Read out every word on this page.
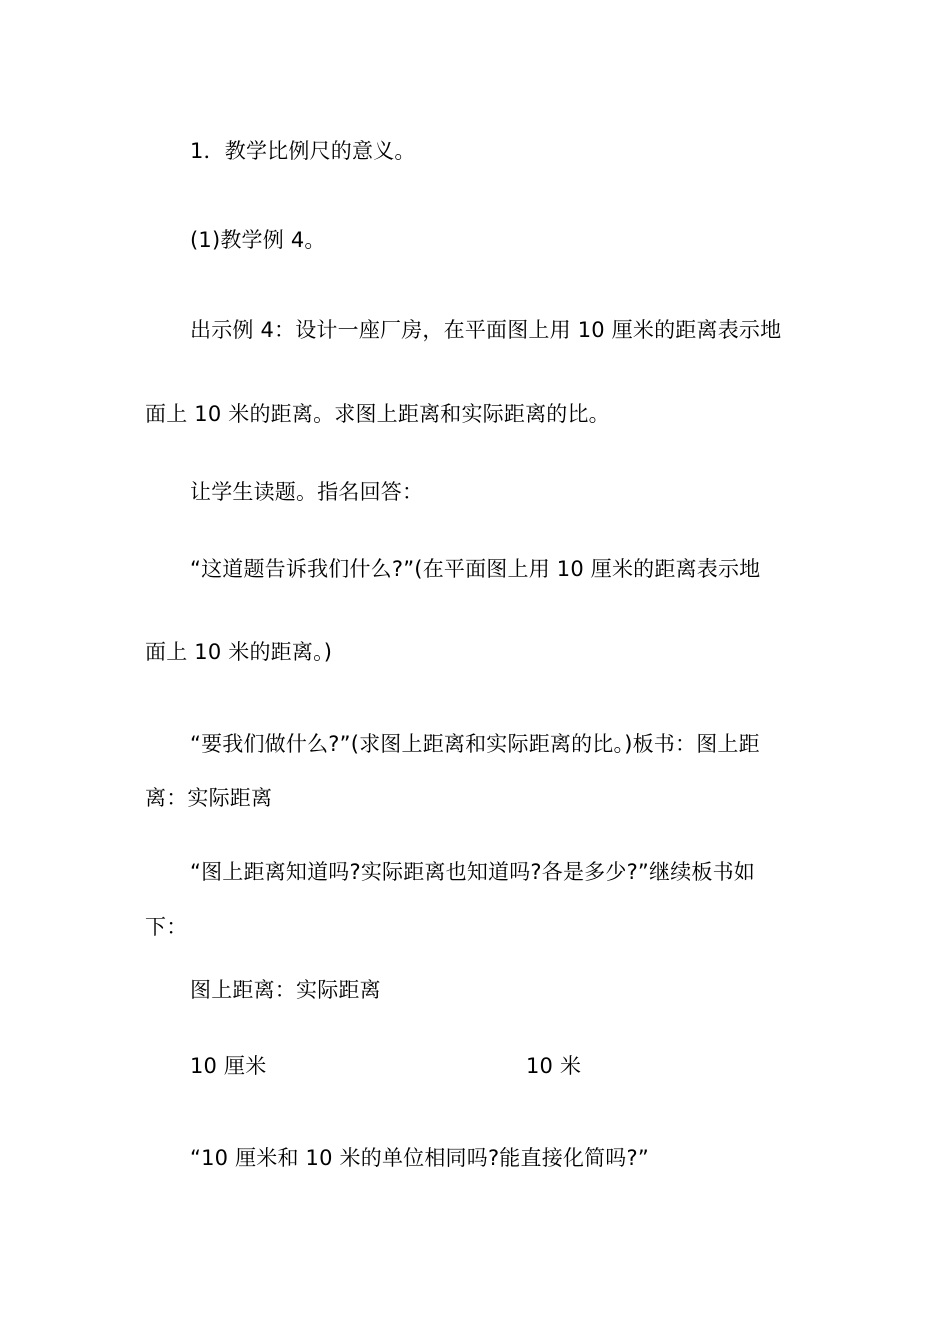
1．教学比例尺的意义。
(1)教学例 4。
出示例 4：设计一座厂房，在平面图上用 10 厘米的距离表示地
面上 10 米的距离。求图上距离和实际距离的比。
让学生读题。指名回答：
“这道题告诉我们什么?”(在平面图上用 10 厘米的距离表示地
面上 10 米的距离。)
“要我们做什么?”(求图上距离和实际距离的比。)板书：图上距
离：实际距离
“图上距离知道吗?实际距离也知道吗?各是多少?”继续板书如
下：
图上距离：实际距离
10 厘米	10 米
“10 厘米和 10 米的单位相同吗?能直接化简吗?”
